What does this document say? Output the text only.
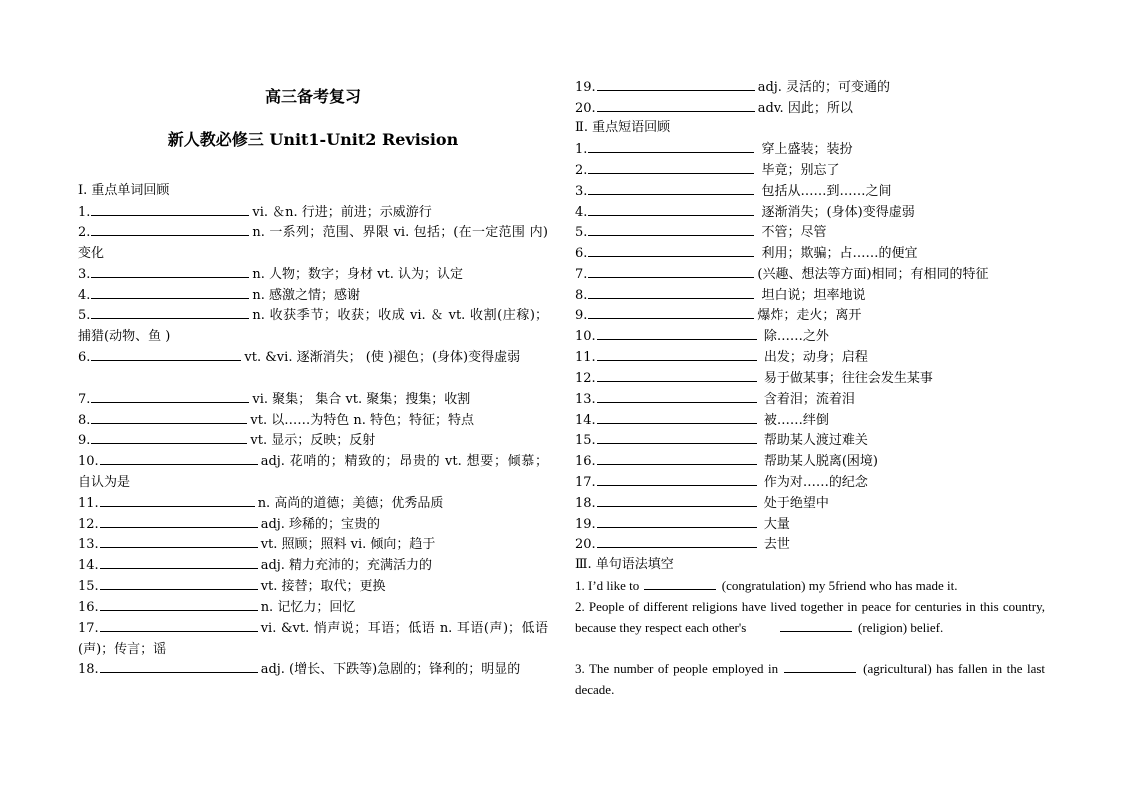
高三备考复习
新人教必修三 Unit1-Unit2 Revision
Ⅰ. 重点单词回顾
1.	vi. ＆n. 行进；前进；示威游行
2.	n. 一系列；范围、界限 vi. 包括；(在一定范围 内)变化
3.	n. 人物；数字；身材 vt. 认为；认定
4.	n. 感激之情；感谢
5.	n. 收获季节；收获；收成 vi. ＆ vt. 收割(庄稼)；捕猎(动物、鱼 )
6.	vt. &vi. 逐渐消失； (使 )褪色；(身体)变得虚弱
7.	vi. 聚集； 集合 vt. 聚集；搜集；收割
8.	vt. 以……为特色 n. 特色；特征；特点
9.	vt. 显示；反映；反射
10.	adj. 花哨的；精致的；昂贵的 vt. 想要；倾慕；自认为是
11.	n. 高尚的道德；美德；优秀品质
12.	adj. 珍稀的；宝贵的
13.	vt. 照顾；照料 vi. 倾向；趋于
14.	adj. 精力充沛的；充满活力的
15.	vt. 接替；取代；更换
16.	n. 记忆力；回忆
17.	vi. &vt. 悄声说；耳语；低语 n. 耳语(声)；低语(声)；传言；谣
18.	adj. (增长、下跌等)急剧的；锋利的；明显的
19.	adj. 灵活的；可变通的
20.	adv. 因此；所以
Ⅱ. 重点短语回顾
1.	穿上盛装；装扮
2.	毕竟；别忘了
3.	包括从……到……之间
4.	逐渐消失；(身体)变得虚弱
5.	不管；尽管
6.	利用；欺骗；占……的便宜
7.	(兴趣、想法等方面)相同；有相同的特征
8.	坦白说；坦率地说
9.	爆炸；走火；离开
10.	除……之外
11.	出发；动身；启程
12.	易于做某事；往往会发生某事
13.	含着泪；流着泪
14.	被……绊倒
15.	帮助某人渡过难关
16.	帮助某人脱离(困境)
17.	作为对……的纪念
18.	处于绝望中
19.	大量
20.	去世
Ⅲ. 单句语法填空
1. I’d like to	(congratulation) my 5friend who has made it.
2. People of different religions have lived together in peace for centuries in this country, because they respect each other's	(religion) belief.
3. The number of people employed in	(agricultural) has fallen in the last decade.
